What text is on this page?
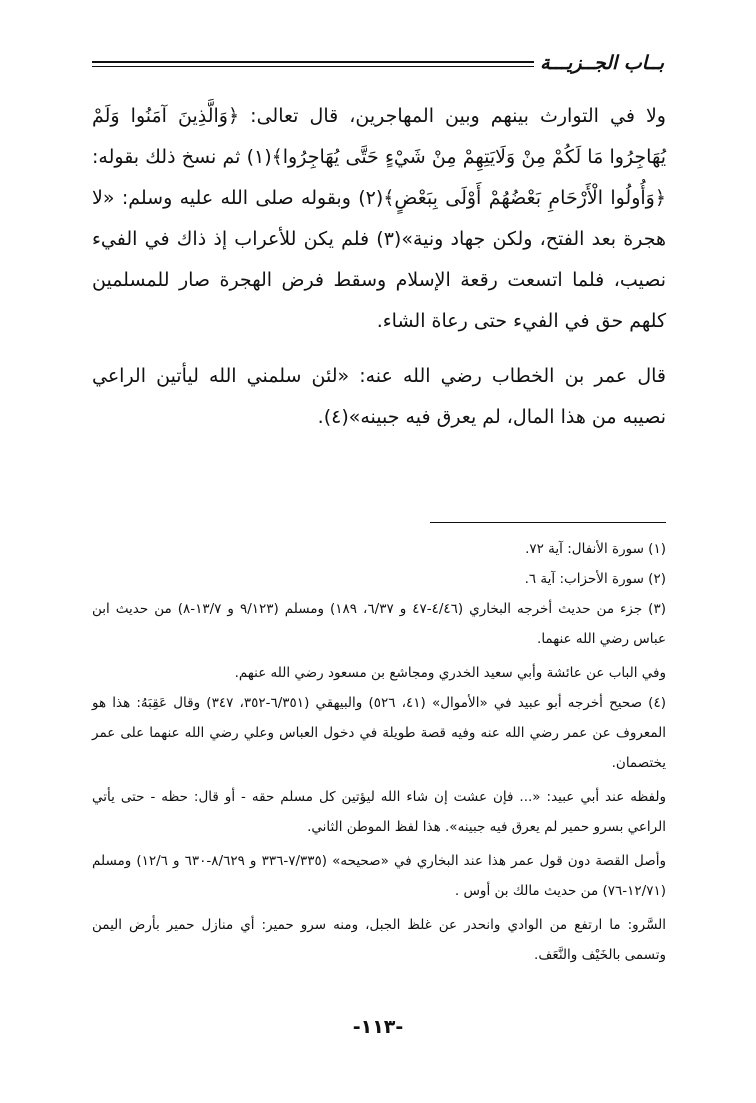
بــاب الجــزيـــة

ولا في التوارث بينهم وبين المهاجرين، قال تعالى: ﴿وَالَّذِينَ آمَنُوا وَلَمْ يُهَاجِرُوا مَا لَكُمْ مِنْ وَلَايَتِهِمْ مِنْ شَيْءٍ حَتَّى يُهَاجِرُوا﴾(١) ثم نسخ ذلك بقوله: ﴿وَأُولُوا الْأَرْحَامِ بَعْضُهُمْ أَوْلَى بِبَعْضٍ﴾(٢) وبقوله صلى الله عليه وسلم: «لا هجرة بعد الفتح، ولكن جهاد ونية»(٣) فلم يكن للأعراب إذ ذاك في الفيء نصيب، فلما اتسعت رقعة الإسلام وسقط فرض الهجرة صار للمسلمين كلهم حق في الفيء حتى رعاة الشاء.

قال عمر بن الخطاب رضي الله عنه: «لئن سلمني الله ليأتين الراعي نصيبه من هذا المال، لم يعرق فيه جبينه»(٤).

(١) سورة الأنفال: آية ٧٢.

(٢) سورة الأحزاب: آية ٦.

(٣) جزء من حديث أخرجه البخاري (٤/٤٦-٤٧ و ٦/٣٧، ١٨٩) ومسلم (٩/١٢٣ و ١٣/٧-٨) من حديث ابن عباس رضي الله عنهما.

وفي الباب عن عائشة وأبي سعيد الخدري ومجاشع بن مسعود رضي الله عنهم.

(٤) صحيح أخرجه أبو عبيد في «الأموال» (٤١، ٥٢٦) والبيهقي (٦/٣٥١-٣٥٢، ٣٤٧) وقال عَقِبَهُ: هذا هو المعروف عن عمر رضي الله عنه وفيه قصة طويلة في دخول العباس وعلي رضي الله عنهما على عمر يختصمان.

ولفظه عند أبي عبيد: «... فإن عشت إن شاء الله ليؤتين كل مسلم حقه - أو قال: حظه - حتى يأتي الراعي بسرو حمير لم يعرق فيه جبينه». هذا لفظ الموطن الثاني.

وأصل القصة دون قول عمر هذا عند البخاري في «صحيحه» (٧/٣٣٥-٣٣٦ و ٨/٦٢٩-٦٣٠ و ١٢/٦) ومسلم (١٢/٧١-٧٦) من حديث مالك بن أوس .

السَّرو: ما ارتفع من الوادي وانحدر عن غلظ الجبل، ومنه سرو حمير: أي منازل حمير بأرض اليمن وتسمى بالخَيْف والنَّعَف.

-١١٣-
